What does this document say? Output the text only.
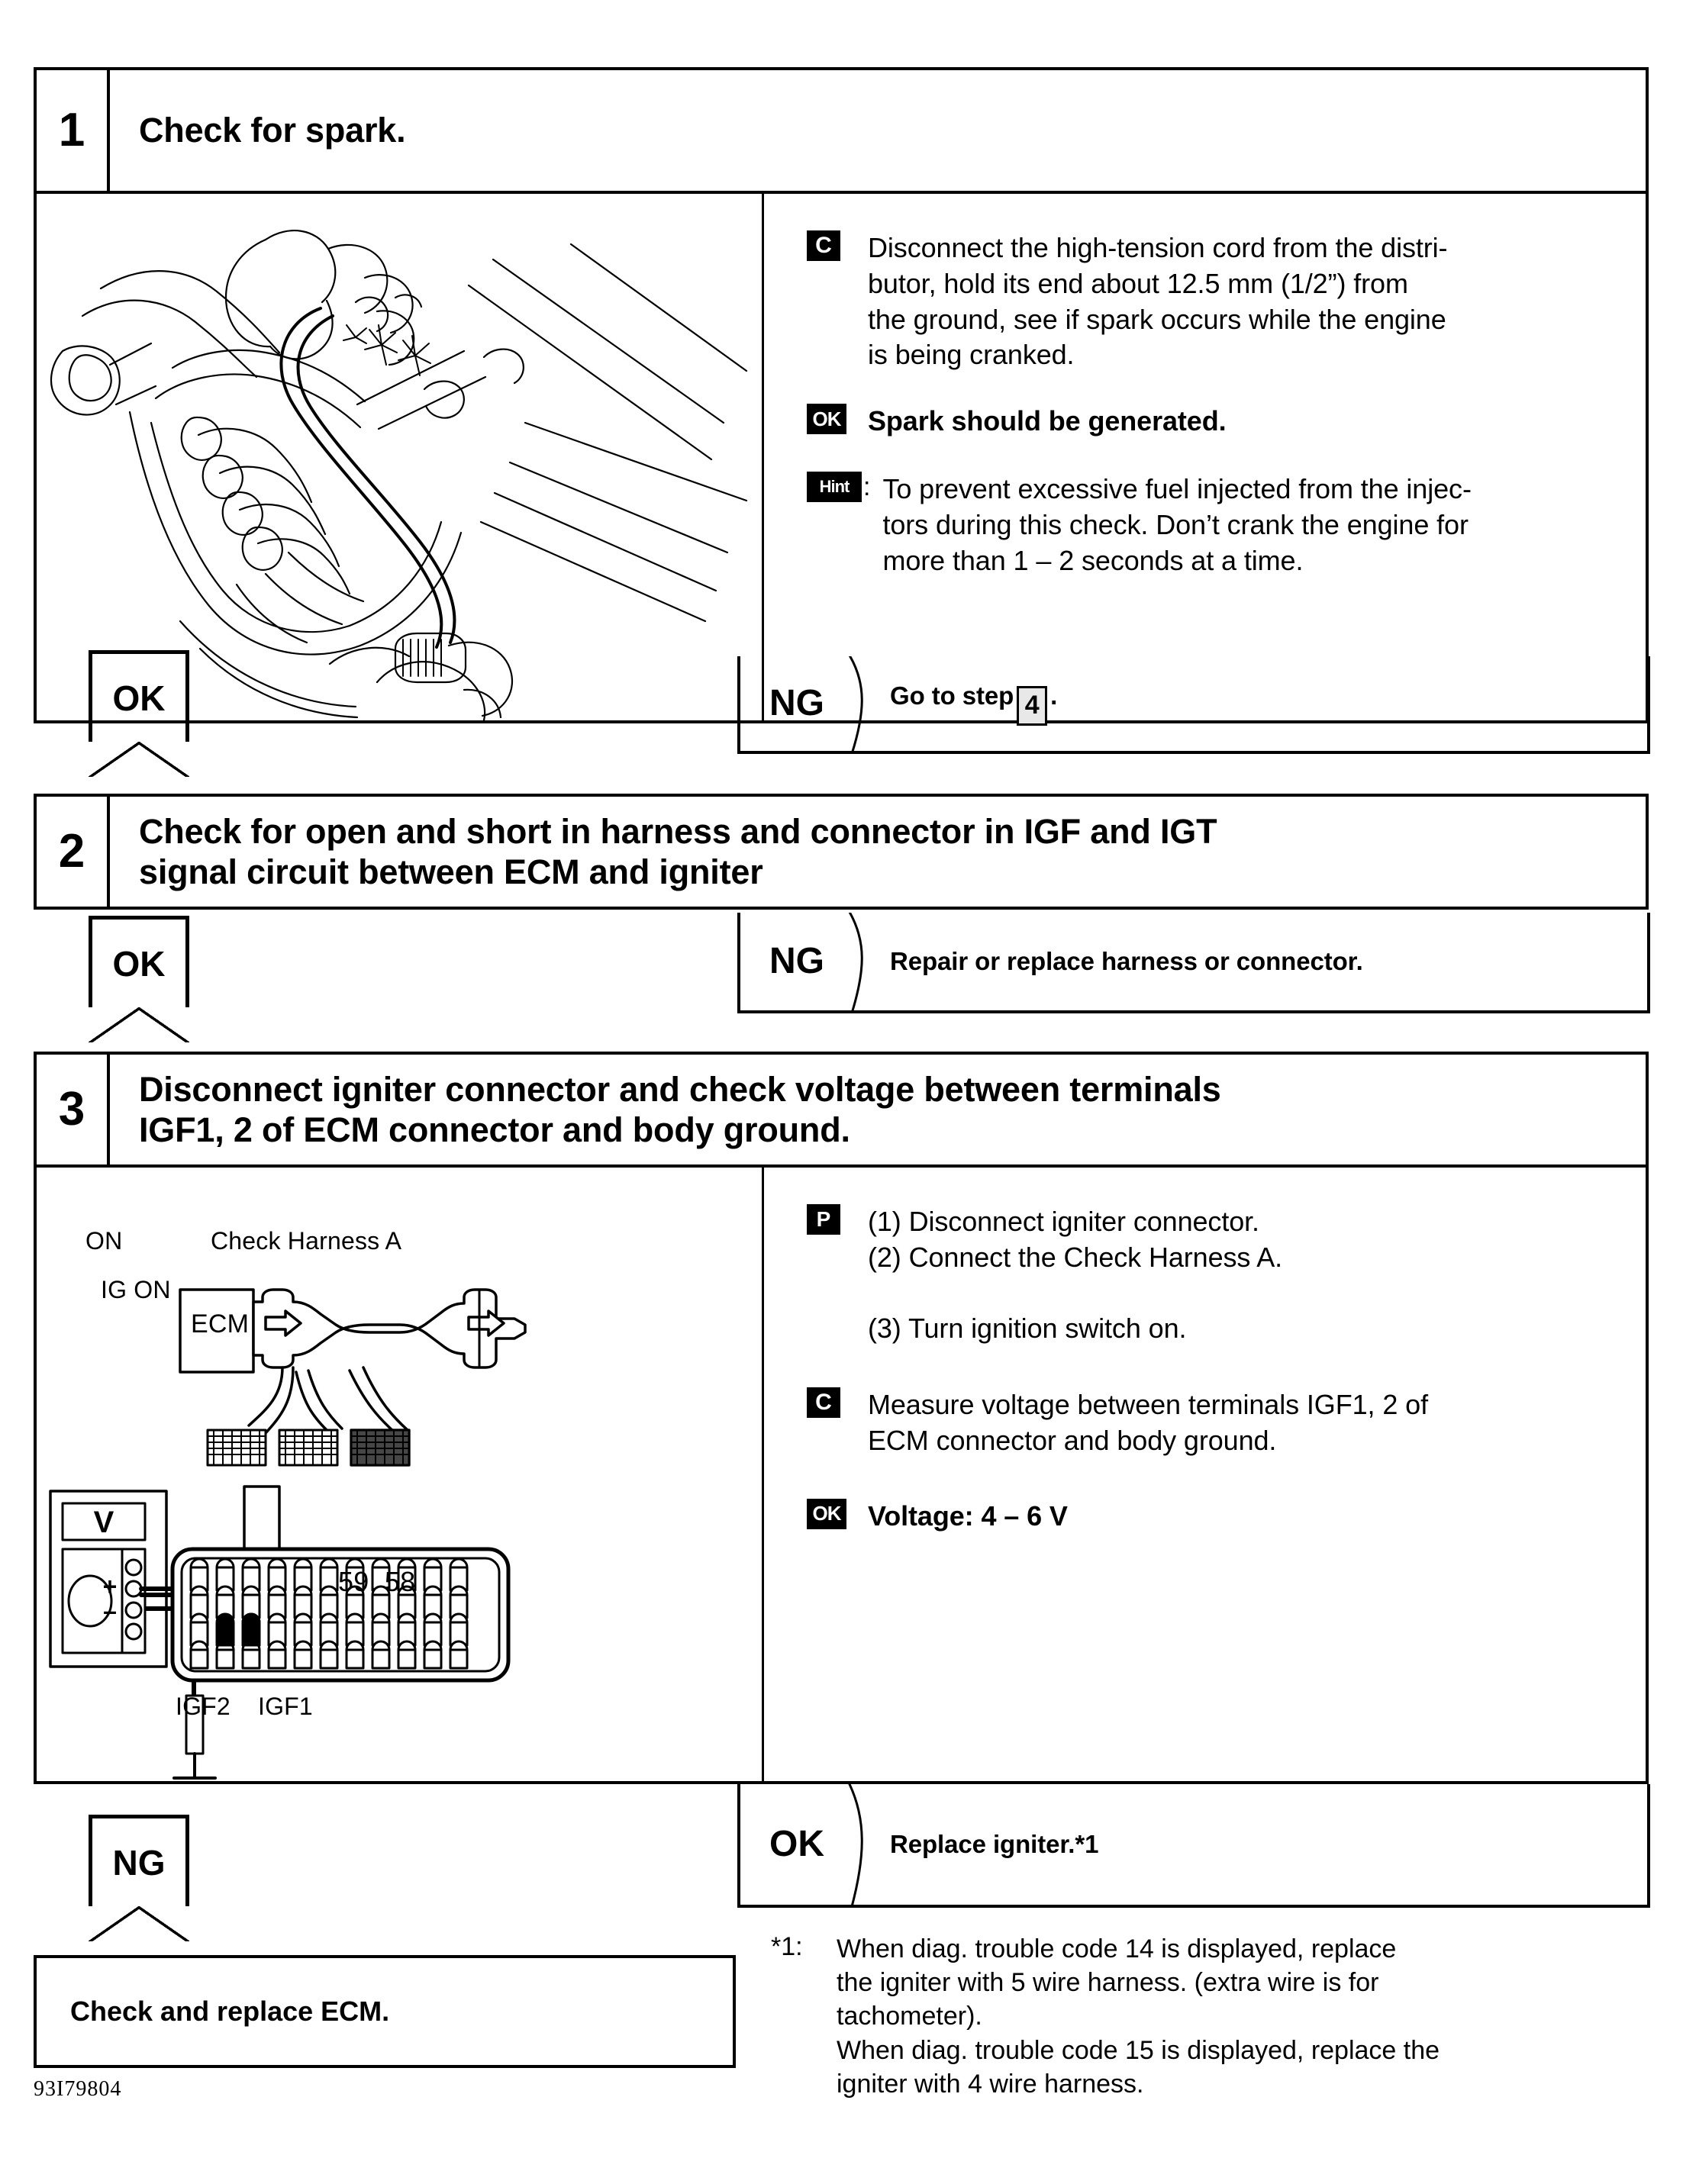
1	Check for spark.
C	Disconnect the high-tension cord from the distri-
butor, hold its end about 12.5 mm (1/2”) from
the ground, see if spark occurs while the engine
is being cranked.
OK Spark should be generated.
Hint : To prevent excessive fuel injected from the injec-
tors during this check. Don’t crank the engine for
more than 1 – 2 seconds at a time.
OK	NG	Go to step 4 .
2	Check for open and short in harness and connector in IGF and IGT
signal circuit between ECM and igniter
OK	NG	Repair or replace harness or connector.
3	Disconnect igniter connector and check voltage between terminals
IGF1, 2 of ECM connector and body ground.
ON
IG ON
Check Harness A
ECM
IGF2 IGF1
59, 58
V
+
–
P	(1) Disconnect igniter connector.
(2) Connect the Check Harness A.
(3) Turn ignition switch on.
C	Measure voltage between terminals IGF1, 2 of
ECM connector and body ground.
OK Voltage: 4 – 6 V
NG	OK	Replace igniter.*1
*1:	When diag. trouble code 14 is displayed, replace

the igniter with 5 wire harness. (extra wire is for

tachometer).

When diag. trouble code 15 is displayed, replace the

igniter with 4 wire harness.

Check and replace ECM.
93I79804
